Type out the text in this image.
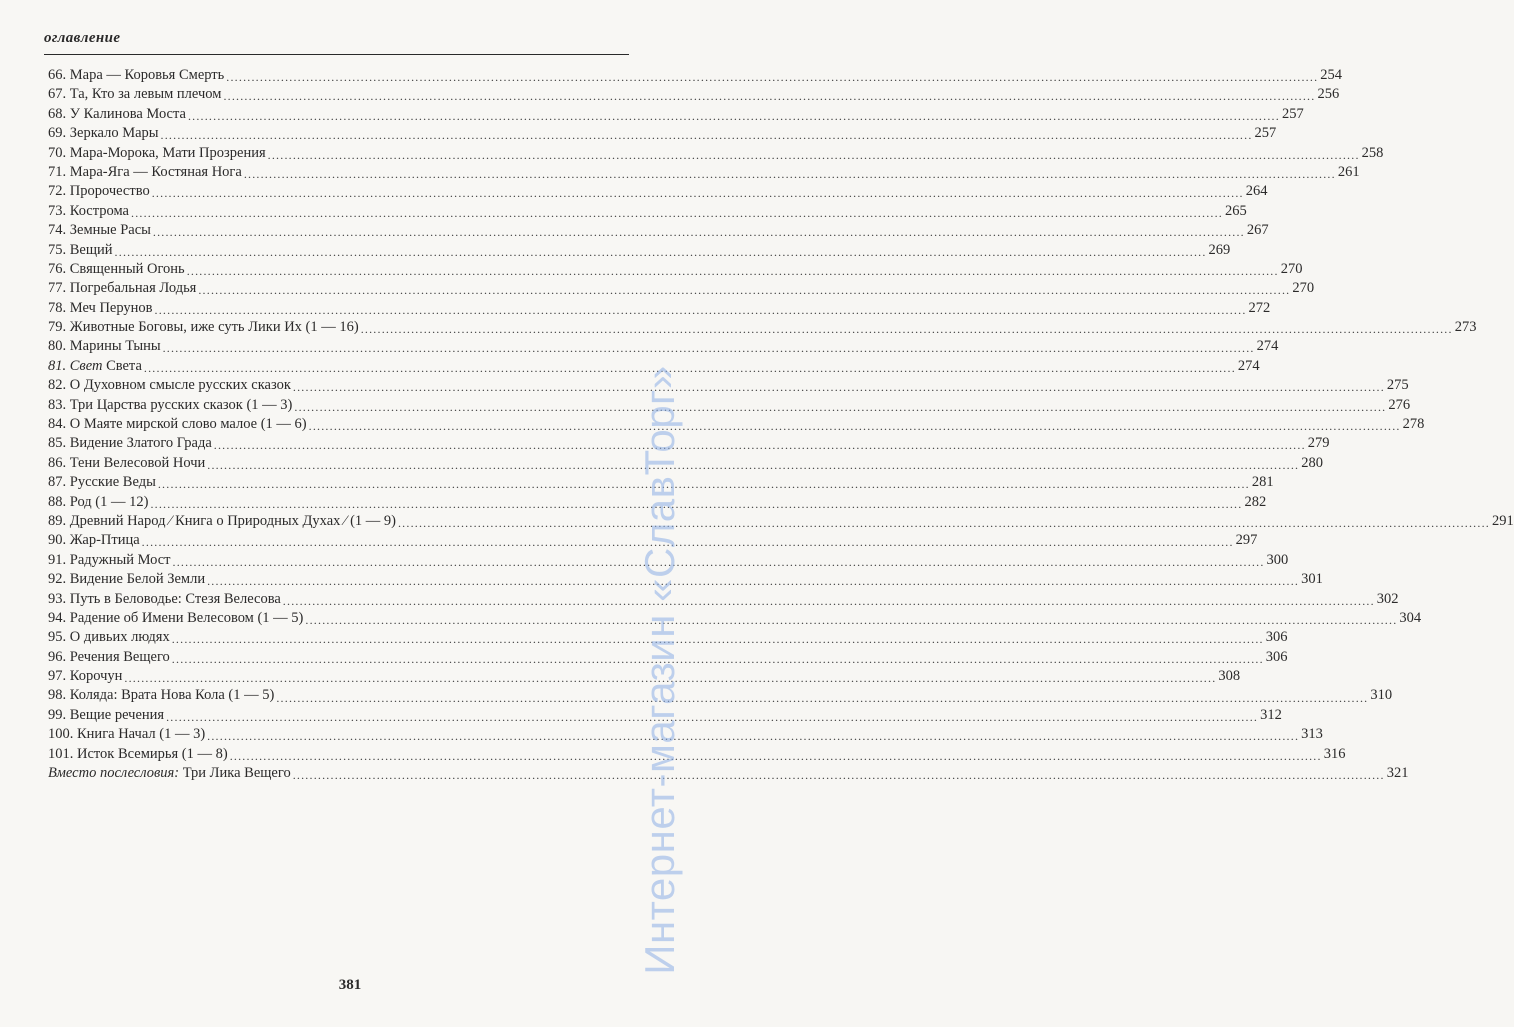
оглавление
66. Мара — Коровья Смерть .................................................................................................................................................................................................................................................................... 254
67. Та, Кто за левым плечом .................................................................................................................................................................................................................................................................... 256
68. У Калинова Моста .................................................................................................................................................................................................................................................................... 257
69. Зеркало Мары .................................................................................................................................................................................................................................................................... 257
70. Мара-Морока, Мати Прозрения .................................................................................................................................................................................................................................................................... 258
71. Мара-Яга — Костяная Нога .................................................................................................................................................................................................................................................................... 261
72. Пророчество .................................................................................................................................................................................................................................................................... 264
73. Кострома .................................................................................................................................................................................................................................................................... 265
74. Земные Расы .................................................................................................................................................................................................................................................................... 267
75. Вещий .................................................................................................................................................................................................................................................................... 269
76. Священный Огонь .................................................................................................................................................................................................................................................................... 270
77. Погребальная Лодья .................................................................................................................................................................................................................................................................... 270
78. Меч Перунов .................................................................................................................................................................................................................................................................... 272
79. Животные Боговы, иже суть Лики Их (1 — 16) .................................................................................................................................................................................................................................................................... 273
80. Марины Тыны .................................................................................................................................................................................................................................................................... 274
81. Свет Света .................................................................................................................................................................................................................................................................... 274
82. О Духовном смысле русских сказок .................................................................................................................................................................................................................................................................... 275
83. Три Царства русских сказок (1 — 3) .................................................................................................................................................................................................................................................................... 276
84. О Маяте мирской слово малое (1 — 6) .................................................................................................................................................................................................................................................................... 278
85. Видение Златого Града .................................................................................................................................................................................................................................................................... 279
86. Тени Велесовой Ночи .................................................................................................................................................................................................................................................................... 280
87. Русские Веды .................................................................................................................................................................................................................................................................... 281
88. Род (1 — 12) .................................................................................................................................................................................................................................................................... 282
89. Древний Народ ⁄ Книга о Природных Духах ⁄ (1 — 9) .................................................................................................................................................................................................................................................................... 291
90. Жар-Птица .................................................................................................................................................................................................................................................................... 297
91. Радужный Мост .................................................................................................................................................................................................................................................................... 300
92. Видение Белой Земли .................................................................................................................................................................................................................................................................... 301
93. Путь в Беловодье: Стезя Велесова .................................................................................................................................................................................................................................................................... 302
94. Радение об Имени Велесовом (1 — 5) .................................................................................................................................................................................................................................................................... 304
95. О дивьих людях .................................................................................................................................................................................................................................................................... 306
96. Речения Вещего .................................................................................................................................................................................................................................................................... 306
97. Корочун .................................................................................................................................................................................................................................................................... 308
98. Коляда: Врата Нова Кола (1 — 5) .................................................................................................................................................................................................................................................................... 310
99. Вещие речения .................................................................................................................................................................................................................................................................... 312
100. Книга Начал (1 — 3) .................................................................................................................................................................................................................................................................... 313
101. Исток Всемирья (1 — 8) .................................................................................................................................................................................................................................................................... 316
Вместо послесловия: Три Лика Вещего .................................................................................................................................................................................................................................................................... 321
381
Интернет-магазин «СлавТорг»
